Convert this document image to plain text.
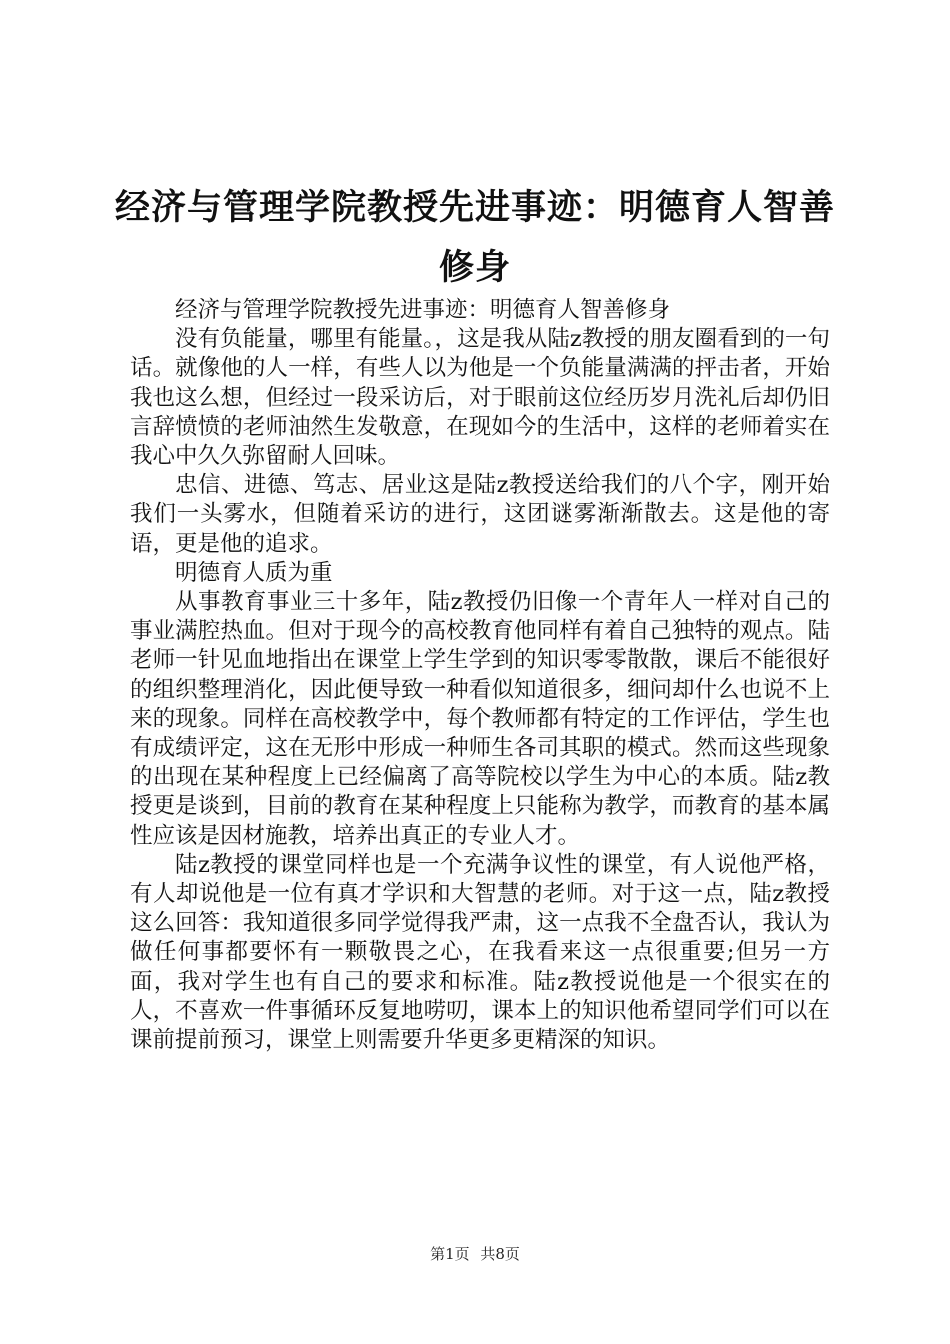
经济与管理学院教授先进事迹：明德育人智善修身

经济与管理学院教授先进事迹：明德育人智善修身

没有负能量，哪里有能量。，这是我从陆z教授的朋友圈看到的一句话。就像他的人一样，有些人以为他是一个负能量满满的抨击者，开始我也这么想，但经过一段采访后，对于眼前这位经历岁月洗礼后却仍旧言辞愤愤的老师油然生发敬意，在现如今的生活中，这样的老师着实在我心中久久弥留耐人回味。

忠信、进德、笃志、居业这是陆z教授送给我们的八个字，刚开始我们一头雾水，但随着采访的进行，这团谜雾渐渐散去。这是他的寄语，更是他的追求。

明德育人质为重

从事教育事业三十多年，陆z教授仍旧像一个青年人一样对自己的事业满腔热血。但对于现今的高校教育他同样有着自己独特的观点。陆老师一针见血地指出在课堂上学生学到的知识零零散散，课后不能很好的组织整理消化，因此便导致一种看似知道很多，细问却什么也说不上来的现象。同样在高校教学中，每个教师都有特定的工作评估，学生也有成绩评定，这在无形中形成一种师生各司其职的模式。然而这些现象的出现在某种程度上已经偏离了高等院校以学生为中心的本质。陆z教授更是谈到，目前的教育在某种程度上只能称为教学，而教育的基本属性应该是因材施教，培养出真正的专业人才。

陆z教授的课堂同样也是一个充满争议性的课堂，有人说他严格，有人却说他是一位有真才学识和大智慧的老师。对于这一点，陆z教授这么回答：我知道很多同学觉得我严肃，这一点我不全盘否认，我认为做任何事都要怀有一颗敬畏之心，在我看来这一点很重要;但另一方面，我对学生也有自己的要求和标准。陆z教授说他是一个很实在的人，不喜欢一件事循环反复地唠叨，课本上的知识他希望同学们可以在课前提前预习，课堂上则需要升华更多更精深的知识。

第1页 共8页
